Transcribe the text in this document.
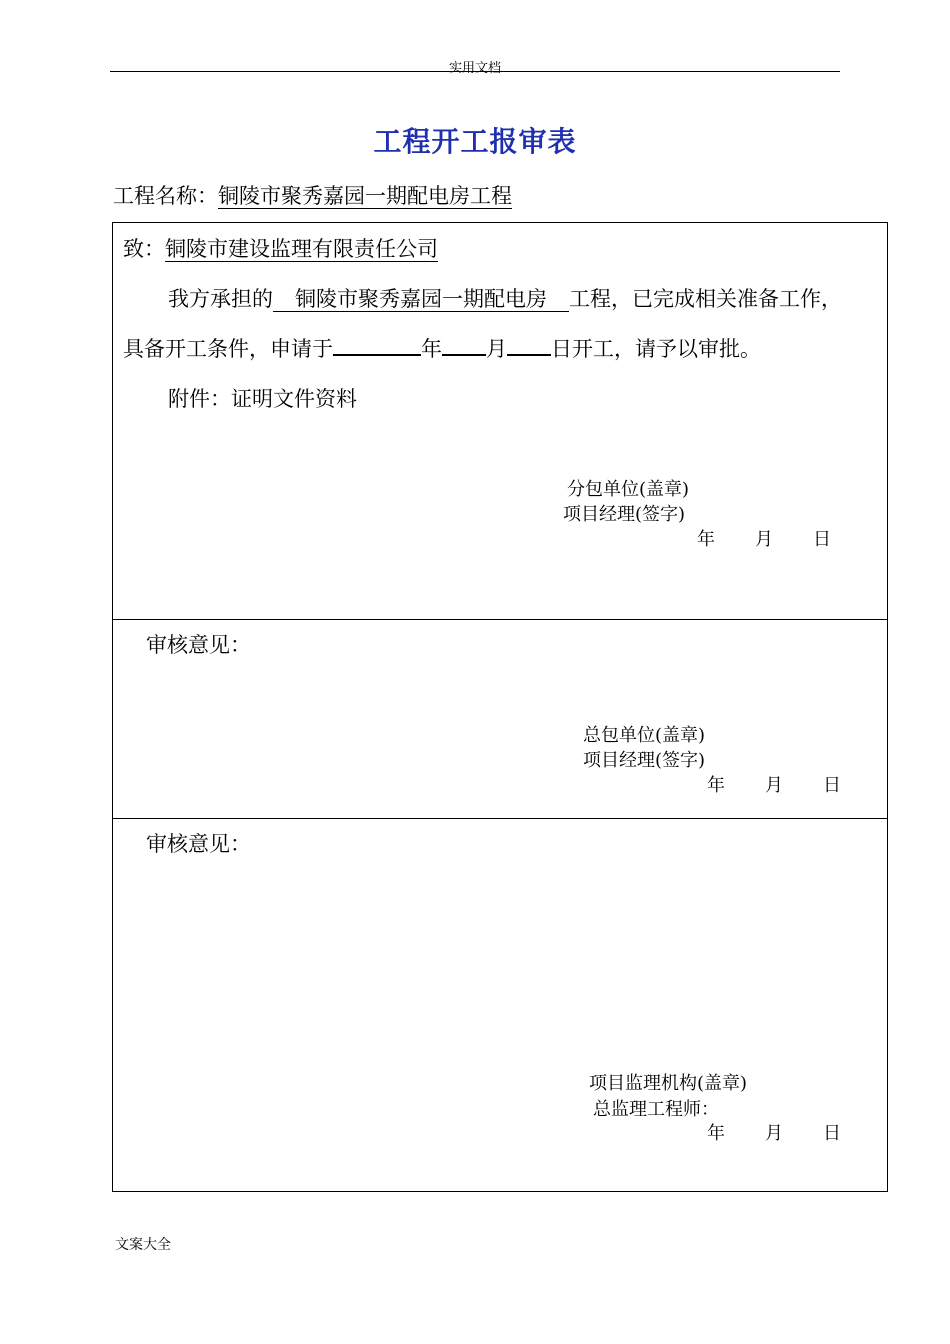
实用文档
工程开工报审表
工程名称：铜陵市聚秀嘉园一期配电房工程
致：铜陵市建设监理有限责任公司
我方承担的 铜陵市聚秀嘉园一期配电房 工程，已完成相关准备工作，
具备开工条件，申请于	年 月 日开工，请予以审批。
附件：证明文件资料
分包单位(盖章)
项目经理(签字)
年 月 日
审核意见：
总包单位(盖章)
项目经理(签字)
年 月 日
审核意见：
项目监理机构(盖章)
总监理工程师：
年 月 日
文案大全
